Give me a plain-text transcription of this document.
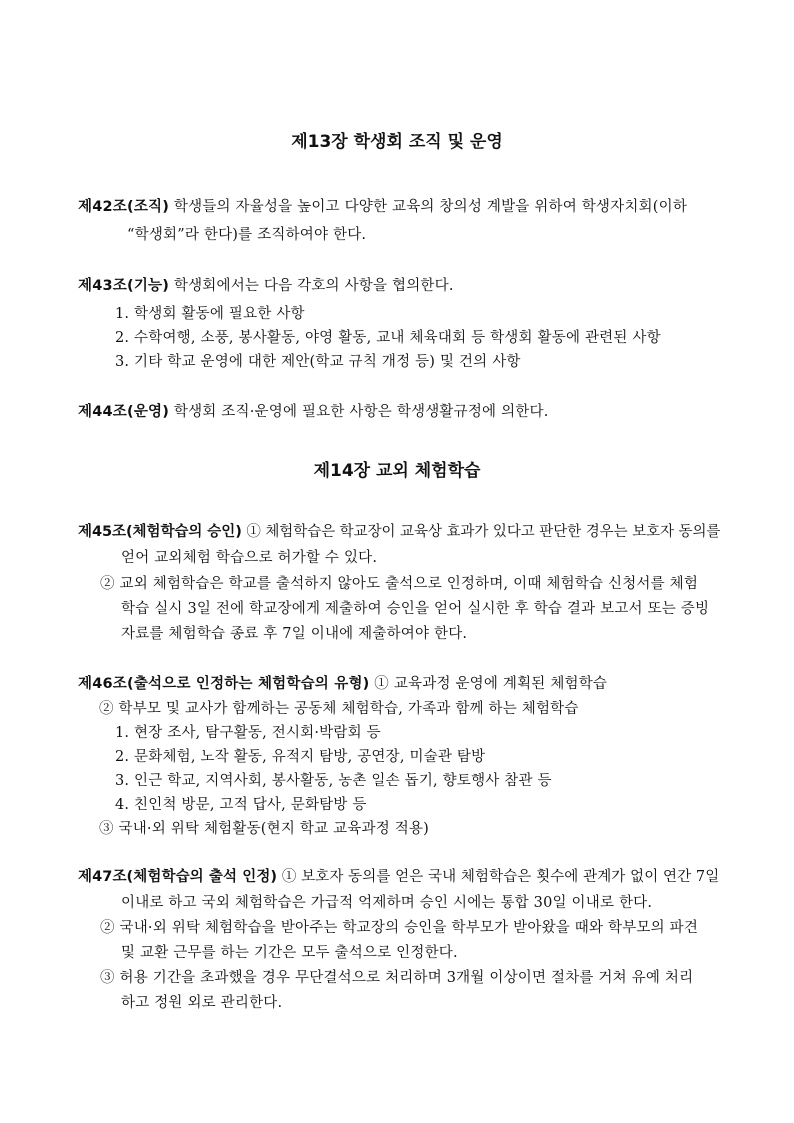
제13장 학생회 조직 및 운영
제42조(조직) 학생들의 자율성을 높이고 다양한 교육의 창의성 계발을 위하여 학생자치회(이하
“학생회”라 한다)를 조직하여야 한다.
제43조(기능) 학생회에서는 다음 각호의 사항을 협의한다.
1. 학생회 활동에 필요한 사항
2. 수학여행, 소풍, 봉사활동, 야영 활동, 교내 체육대회 등 학생회 활동에 관련된 사항
3. 기타 학교 운영에 대한 제안(학교 규칙 개정 등) 및 건의 사항
제44조(운영) 학생회 조직·운영에 필요한 사항은 학생생활규정에 의한다.
제14장 교외 체험학습
제45조(체험학습의 승인) ① 체험학습은 학교장이 교육상 효과가 있다고 판단한 경우는 보호자 동의를
얻어 교외체험 학습으로 허가할 수 있다.
② 교외 체험학습은 학교를 출석하지 않아도 출석으로 인정하며, 이때 체험학습 신청서를 체험
학습 실시 3일 전에 학교장에게 제출하여 승인을 얻어 실시한 후 학습 결과 보고서 또는 증빙
자료를 체험학습 종료 후 7일 이내에 제출하여야 한다.
제46조(출석으로 인정하는 체험학습의 유형) ① 교육과정 운영에 계획된 체험학습
② 학부모 및 교사가 함께하는 공동체 체험학습, 가족과 함께 하는 체험학습
1. 현장 조사, 탐구활동, 전시회·박람회 등
2. 문화체험, 노작 활동, 유적지 탐방, 공연장, 미술관 탐방
3. 인근 학교, 지역사회, 봉사활동, 농촌 일손 돕기, 향토행사 참관 등
4. 친인척 방문, 고적 답사, 문화탐방 등
③ 국내·외 위탁 체험활동(현지 학교 교육과정 적용)
제47조(체험학습의 출석 인정) ① 보호자 동의를 얻은 국내 체험학습은 횟수에 관계가 없이 연간 7일
이내로 하고 국외 체험학습은 가급적 억제하며 승인 시에는 통합 30일 이내로 한다.
② 국내·외 위탁 체험학습을 받아주는 학교장의 승인을 학부모가 받아왔을 때와 학부모의 파견
및 교환 근무를 하는 기간은 모두 출석으로 인정한다.
③ 허용 기간을 초과했을 경우 무단결석으로 처리하며 3개월 이상이면 절차를 거쳐 유예 처리
하고 정원 외로 관리한다.
